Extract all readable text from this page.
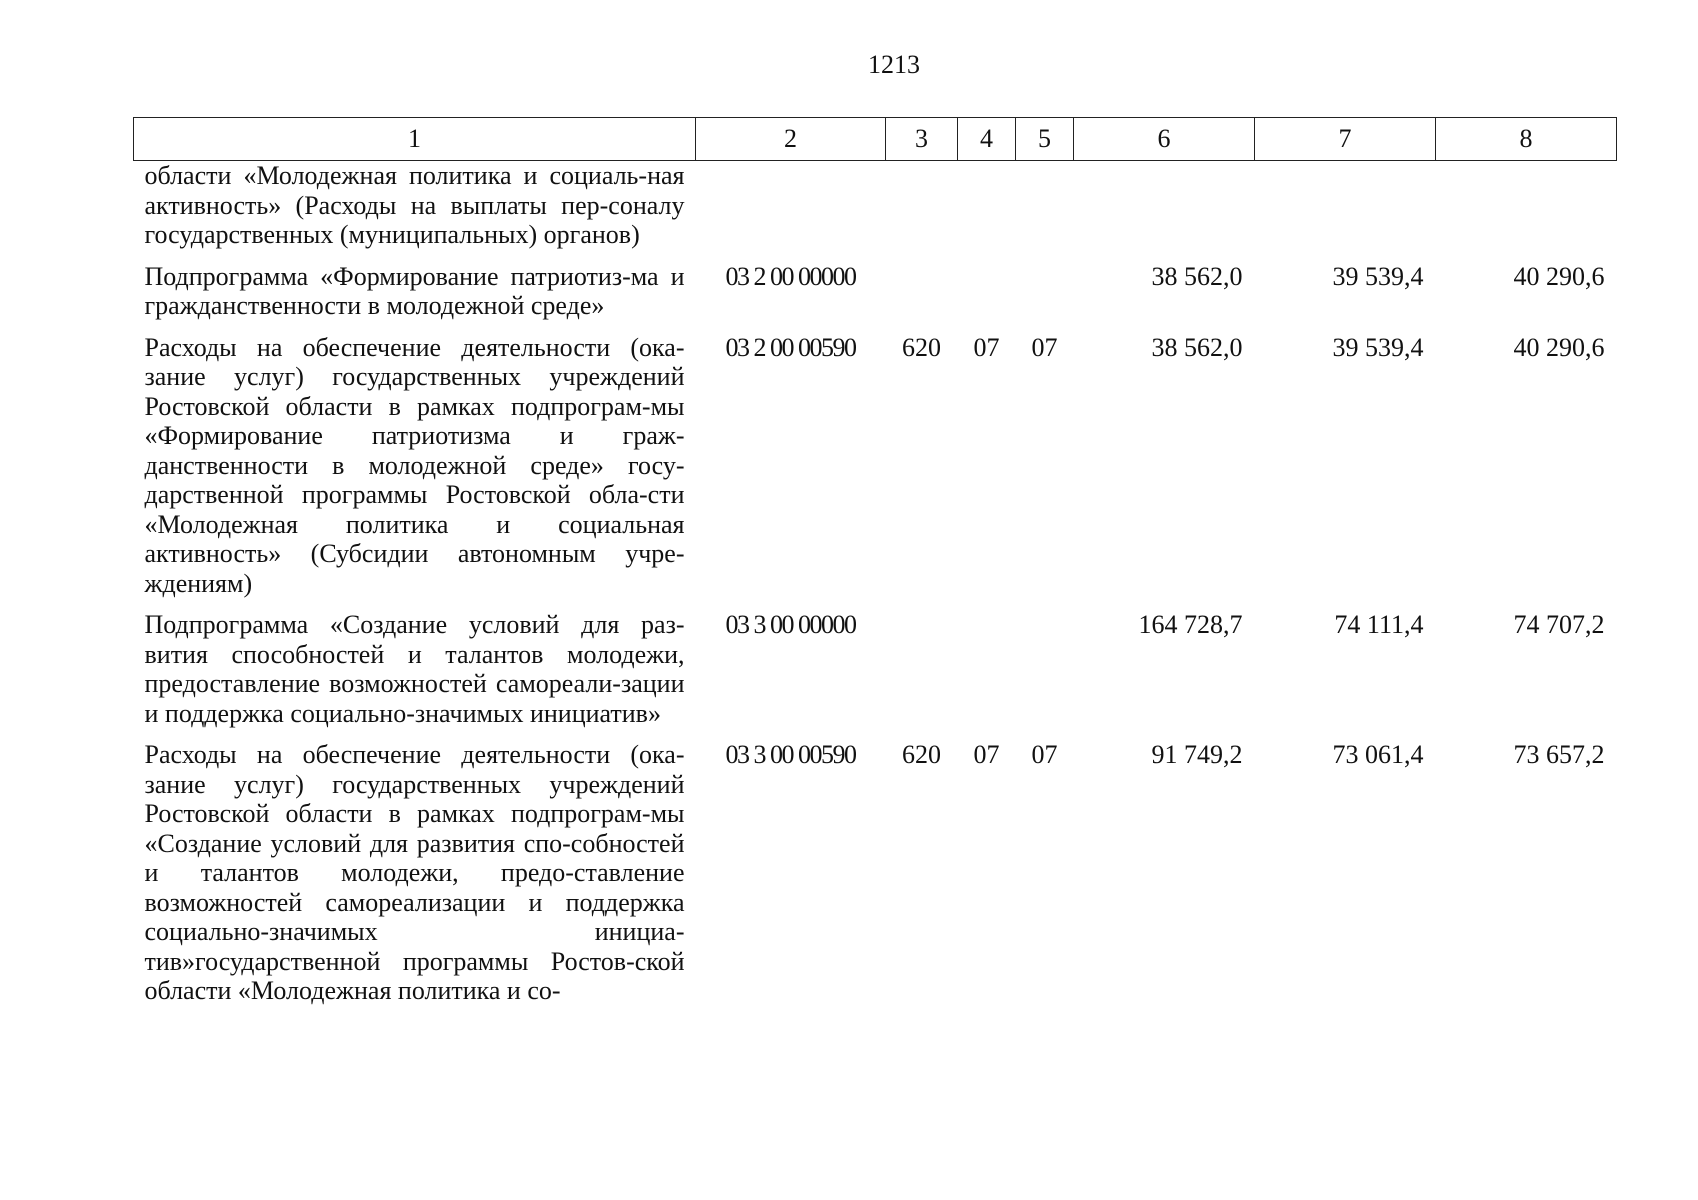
1213
1	2	3	4	5	6	7	8
области «Молодежная политика и социаль-ная активность» (Расходы на выплаты пер-соналу государственных (муниципальных) органов)							
Подпрограмма «Формирование патриотиз-ма и гражданственности в молодежной среде»	03 2 00 00000				38 562,0	39 539,4	40 290,6
Расходы на обеспечение деятельности (ока-зание услуг) государственных учреждений Ростовской области в рамках подпрограм-мы «Формирование патриотизма и граж-данственности в молодежной среде» госу-дарственной программы Ростовской обла-сти «Молодежная политика и социальная активность» (Субсидии автономным учре-ждениям)	03 2 00 00590	620	07	07	38 562,0	39 539,4	40 290,6
Подпрограмма «Создание условий для раз-вития способностей и талантов молодежи, предоставление возможностей самореали-зации и поддержка социально-значимых инициатив»	03 3 00 00000				164 728,7	74 111,4	74 707,2
Расходы на обеспечение деятельности (ока-зание услуг) государственных учреждений Ростовской области в рамках подпрограм-мы «Создание условий для развития спо-собностей и талантов молодежи, предо-ставление возможностей самореализации и поддержка социально-значимых инициа-тив»государственной программы Ростов-ской области «Молодежная политика и со-	03 3 00 00590	620	07	07	91 749,2	73 061,4	73 657,2
